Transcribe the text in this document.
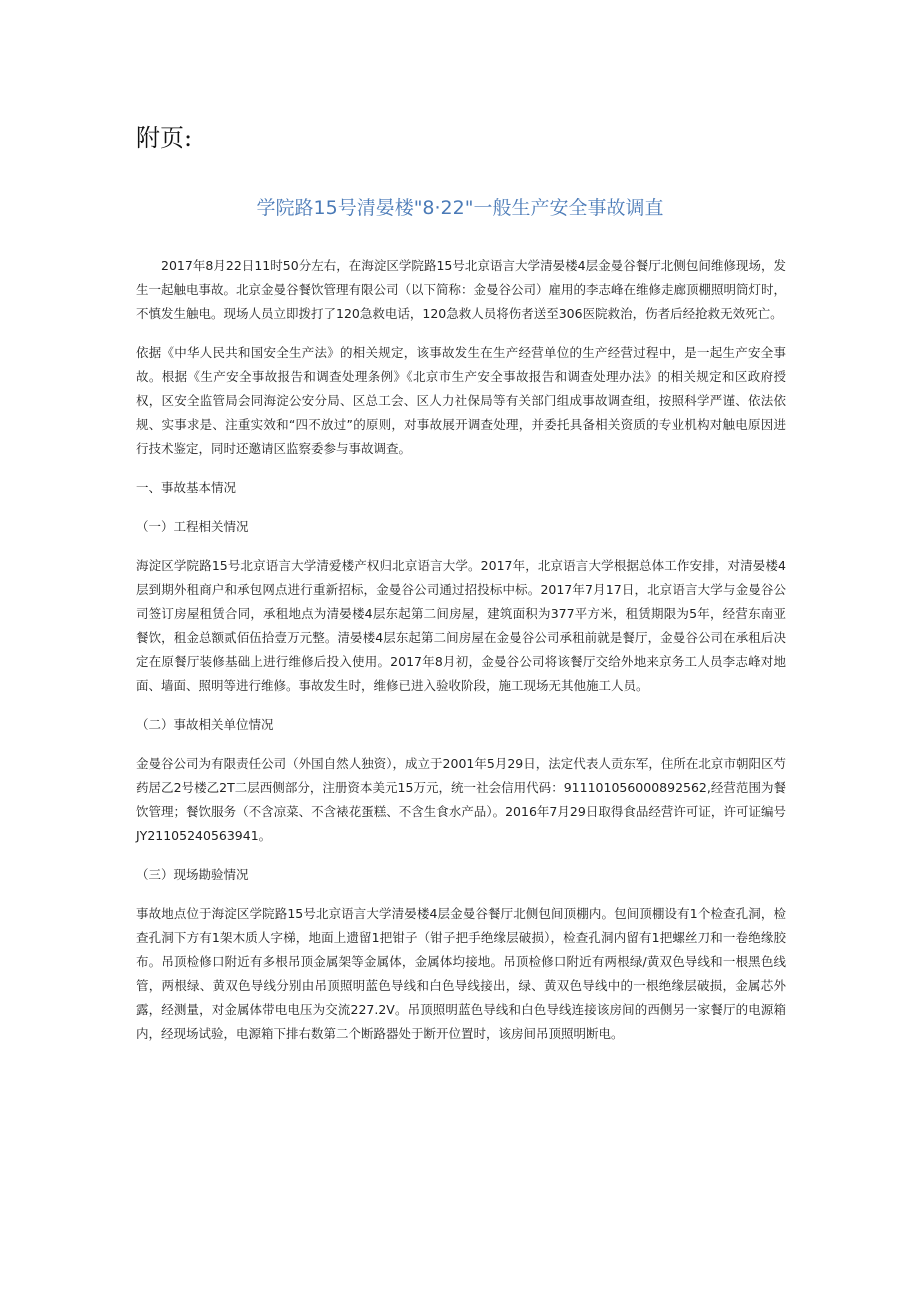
附页:
学院路15号清晏楼"8·22"一般生产安全事故调直

2017年8月22日11时50分左右，在海淀区学院路15号北京语言大学清晏楼4层金曼谷餐厅北侧包间维修现场，发生一起触电事故。北京金曼谷餐饮管理有限公司（以下简称：金曼谷公司）雇用的李志峰在维修走廊顶棚照明筒灯时，不慎发生触电。现场人员立即拨打了120急救电话，120急救人员将伤者送至306医院救治，伤者后经抢救无效死亡。

依据《中华人民共和国安全生产法》的相关规定，该事故发生在生产经营单位的生产经营过程中，是一起生产安全事故。根据《生产安全事故报告和调查处理条例》《北京市生产安全事故报告和调查处理办法》的相关规定和区政府授权，区安全监管局会同海淀公安分局、区总工会、区人力社保局等有关部门组成事故调查组，按照科学严谨、依法依规、实事求是、注重实效和“四不放过”的原则，对事故展开调查处理，并委托具备相关资质的专业机构对触电原因进行技术鉴定，同时还邀请区监察委参与事故调查。

一、事故基本情况

（一）工程相关情况

海淀区学院路15号北京语言大学清爱楼产权归北京语言大学。2017年，北京语言大学根据总体工作安排，对清晏楼4层到期外租商户和承包网点进行重新招标，金曼谷公司通过招投标中标。2017年7月17日，北京语言大学与金曼谷公司签订房屋租赁合同，承租地点为清晏楼4层东起第二间房屋，建筑面积为377平方米，租赁期限为5年，经营东南亚餐饮，租金总额贰佰伍拾壹万元整。清晏楼4层东起第二间房屋在金曼谷公司承租前就是餐厅，金曼谷公司在承租后决定在原餐厅装修基础上进行维修后投入使用。2017年8月初，金曼谷公司将该餐厅交给外地来京务工人员李志峰对地面、墙面、照明等进行维修。事故发生时，维修已进入验收阶段，施工现场无其他施工人员。

（二）事故相关单位情况

金曼谷公司为有限责任公司（外国自然人独资），成立于2001年5月29日，法定代表人贡东军，住所在北京市朝阳区芍药居乙2号楼乙2T二层西侧部分，注册资本美元15万元，统一社会信用代码：911101056000892562,经营范围为餐饮管理；餐饮服务（不含凉菜、不含裱花蛋糕、不含生食水产品）。2016年7月29日取得食品经营许可证，许可证编号JY21105240563941。

（三）现场勘验情况

事故地点位于海淀区学院路15号北京语言大学清晏楼4层金曼谷餐厅北侧包间顶棚内。包间顶棚设有1个检查孔洞，检查孔洞下方有1架木质人字梯，地面上遗留1把钳子（钳子把手绝缘层破损），检查孔洞内留有1把螺丝刀和一卷绝缘胶布。吊顶检修口附近有多根吊顶金属架等金属体，金属体均接地。吊顶检修口附近有两根绿/黄双色导线和一根黑色线管，两根绿、黄双色导线分别由吊顶照明蓝色导线和白色导线接出，绿、黄双色导线中的一根绝缘层破损，金属芯外露，经测量，对金属体带电电压为交流227.2V。吊顶照明蓝色导线和白色导线连接该房间的西侧另一家餐厅的电源箱内，经现场试验，电源箱下排右数第二个断路器处于断开位置时，该房间吊顶照明断电。
